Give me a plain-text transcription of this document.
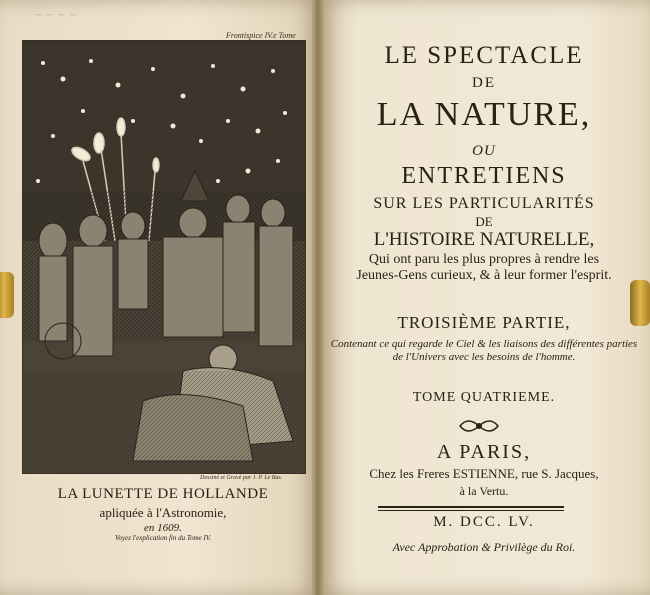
~ ~ ~ ~
Frontispice IV.e Tome
Dessiné et Gravé par J. P. Le Bas.
LA LUNETTE DE HOLLANDE
apliquée à l'Astronomie,
en 1609.
Voyez l'explication fin du Tome IV.
LE SPECTACLE
DE
LA NATURE,
OU
ENTRETIENS
SUR LES PARTICULARITÉS
DE
L'HISTOIRE NATURELLE,
Qui ont paru les plus propres à rendre les Jeunes-Gens curieux, & à leur former l'esprit.
TROISIÈME PARTIE,
Contenant ce qui regarde le Ciel & les liaisons des différentes parties de l'Univers avec les besoins de l'homme.
TOME QUATRIEME.
A PARIS,
Chez les Freres ESTIENNE, rue S. Jacques,
à la Vertu.
M. DCC. LV.
Avec Approbation & Privilège du Roi.
